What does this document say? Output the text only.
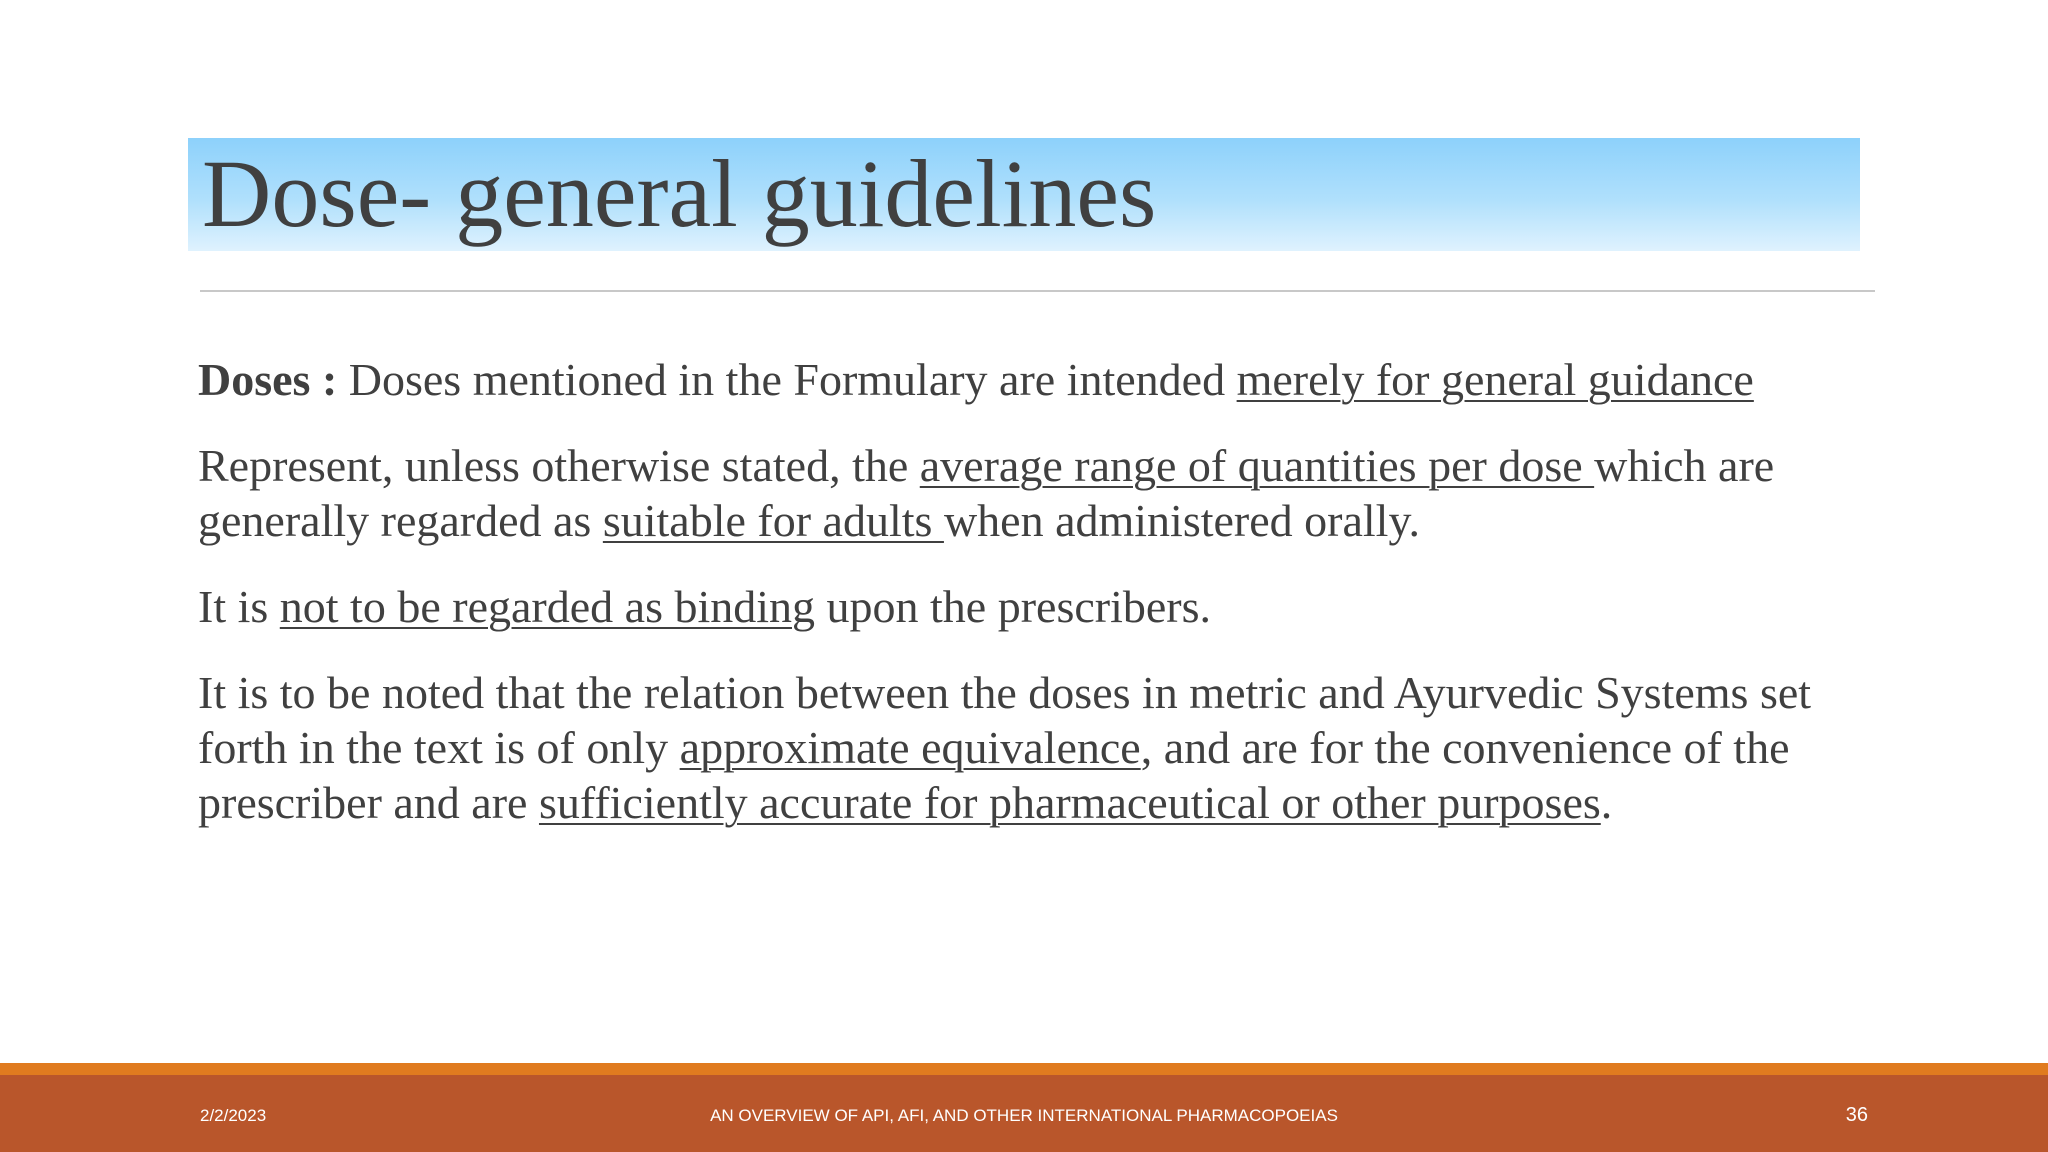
Dose- general guidelines

Doses : Doses mentioned in the Formulary are intended merely for general guidance

Represent, unless otherwise stated, the average range of quantities per dose which are generally regarded as suitable for adults when administered orally.

It is not to be regarded as binding upon the prescribers.

It is to be noted that the relation between the doses in metric and Ayurvedic Systems set forth in the text is of only approximate equivalence, and are for the convenience of the prescriber and are sufficiently accurate for pharmaceutical or other purposes.

2/2/2023	AN OVERVIEW OF API, AFI, AND OTHER INTERNATIONAL PHARMACOPOEIAS	36
